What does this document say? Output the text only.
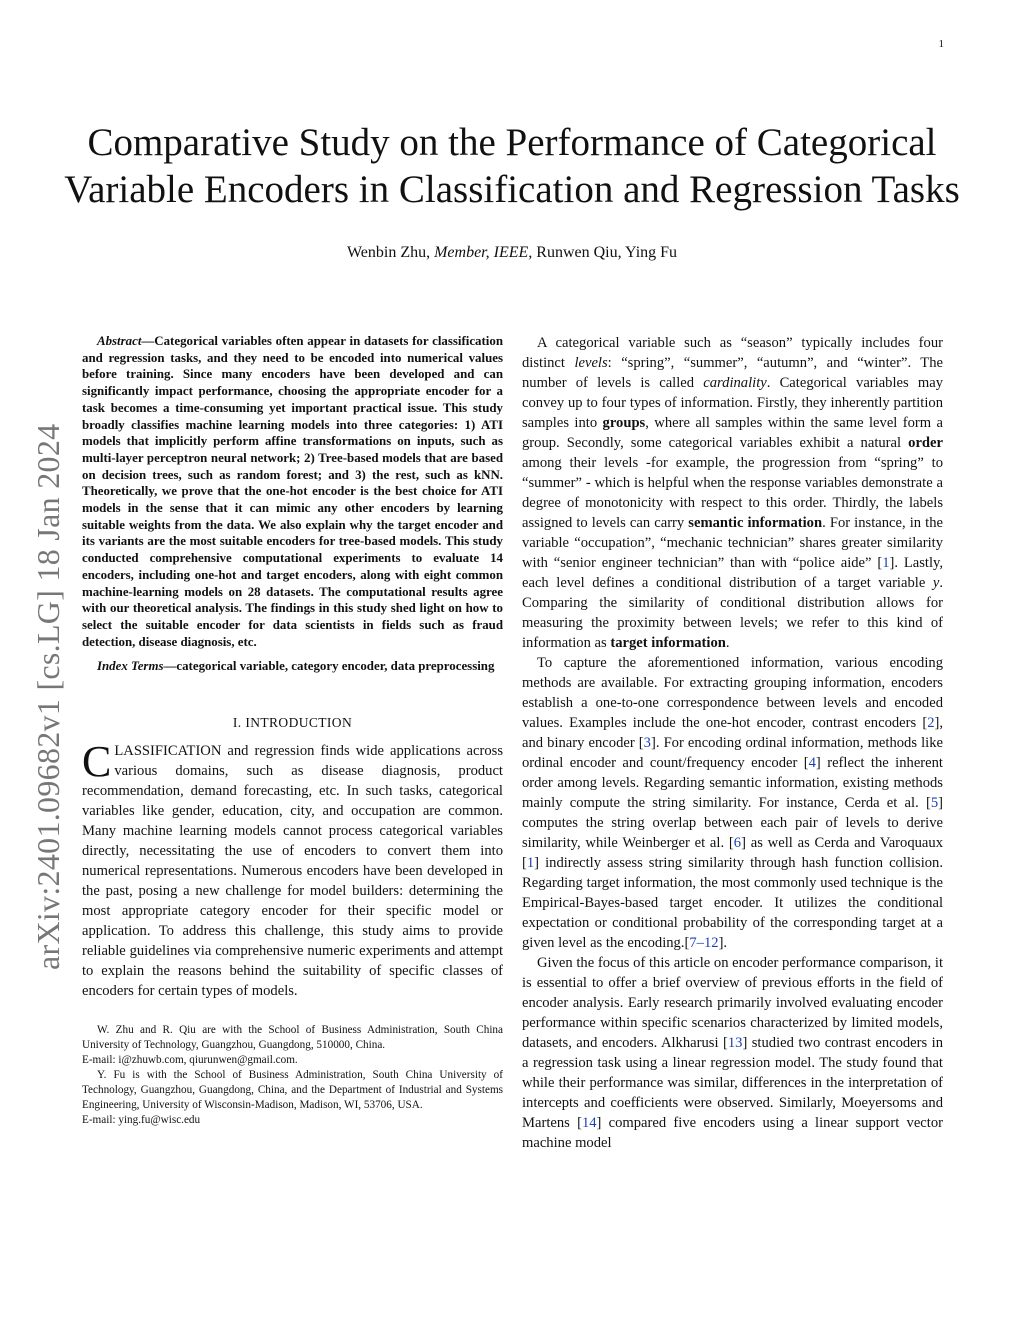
1
arXiv:2401.09682v1 [cs.LG] 18 Jan 2024
Comparative Study on the Performance of Categorical Variable Encoders in Classification and Regression Tasks
Wenbin Zhu, Member, IEEE, Runwen Qiu, Ying Fu

Abstract—Categorical variables often appear in datasets for classification and regression tasks, and they need to be encoded into numerical values before training. Since many encoders have been developed and can significantly impact performance, choosing the appropriate encoder for a task becomes a time-consuming yet important practical issue. This study broadly classifies machine learning models into three categories: 1) ATI models that implicitly perform affine transformations on inputs, such as multi-layer perceptron neural network; 2) Tree-based models that are based on decision trees, such as random forest; and 3) the rest, such as kNN. Theoretically, we prove that the one-hot encoder is the best choice for ATI models in the sense that it can mimic any other encoders by learning suitable weights from the data. We also explain why the target encoder and its variants are the most suitable encoders for tree-based models. This study conducted comprehensive computational experiments to evaluate 14 encoders, including one-hot and target encoders, along with eight common machine-learning models on 28 datasets. The computational results agree with our theoretical analysis. The findings in this study shed light on how to select the suitable encoder for data scientists in fields such as fraud detection, disease diagnosis, etc.

Index Terms—categorical variable, category encoder, data preprocessing

I. INTRODUCTION

CLASSIFICATION and regression finds wide applications across various domains, such as disease diagnosis, product recommendation, demand forecasting, etc. In such tasks, categorical variables like gender, education, city, and occupation are common. Many machine learning models cannot process categorical variables directly, necessitating the use of encoders to convert them into numerical representations. Numerous encoders have been developed in the past, posing a new challenge for model builders: determining the most appropriate category encoder for their specific model or application. To address this challenge, this study aims to provide reliable guidelines via comprehensive numeric experiments and attempt to explain the reasons behind the suitability of specific classes of encoders for certain types of models.

W. Zhu and R. Qiu are with the School of Business Administration, South China University of Technology, Guangzhou, Guangdong, 510000, China.
E-mail: i@zhuwb.com, qiurunwen@gmail.com.

Y. Fu is with the School of Business Administration, South China University of Technology, Guangzhou, Guangdong, China, and the Department of Industrial and Systems Engineering, University of Wisconsin-Madison, Madison, WI, 53706, USA.
E-mail: ying.fu@wisc.edu

A categorical variable such as “season” typically includes four distinct levels: “spring”, “summer”, “autumn”, and “winter”. The number of levels is called cardinality. Categorical variables may convey up to four types of information. Firstly, they inherently partition samples into groups, where all samples within the same level form a group. Secondly, some categorical variables exhibit a natural order among their levels -for example, the progression from “spring” to “summer” - which is helpful when the response variables demonstrate a degree of monotonicity with respect to this order. Thirdly, the labels assigned to levels can carry semantic information. For instance, in the variable “occupation”, “mechanic technician” shares greater similarity with “senior engineer technician” than with “police aide” [1]. Lastly, each level defines a conditional distribution of a target variable y. Comparing the similarity of conditional distribution allows for measuring the proximity between levels; we refer to this kind of information as target information.

To capture the aforementioned information, various encoding methods are available. For extracting grouping information, encoders establish a one-to-one correspondence between levels and encoded values. Examples include the one-hot encoder, contrast encoders [2], and binary encoder [3]. For encoding ordinal information, methods like ordinal encoder and count/frequency encoder [4] reflect the inherent order among levels. Regarding semantic information, existing methods mainly compute the string similarity. For instance, Cerda et al. [5] computes the string overlap between each pair of levels to derive similarity, while Weinberger et al. [6] as well as Cerda and Varoquaux [1] indirectly assess string similarity through hash function collision. Regarding target information, the most commonly used technique is the Empirical-Bayes-based target encoder. It utilizes the conditional expectation or conditional probability of the corresponding target at a given level as the encoding.[7–12].

Given the focus of this article on encoder performance comparison, it is essential to offer a brief overview of previous efforts in the field of encoder analysis. Early research primarily involved evaluating encoder performance within specific scenarios characterized by limited models, datasets, and encoders. Alkharusi [13] studied two contrast encoders in a regression task using a linear regression model. The study found that while their performance was similar, differences in the interpretation of intercepts and coefficients were observed. Similarly, Moeyersoms and Martens [14] compared five encoders using a linear support vector machine model
